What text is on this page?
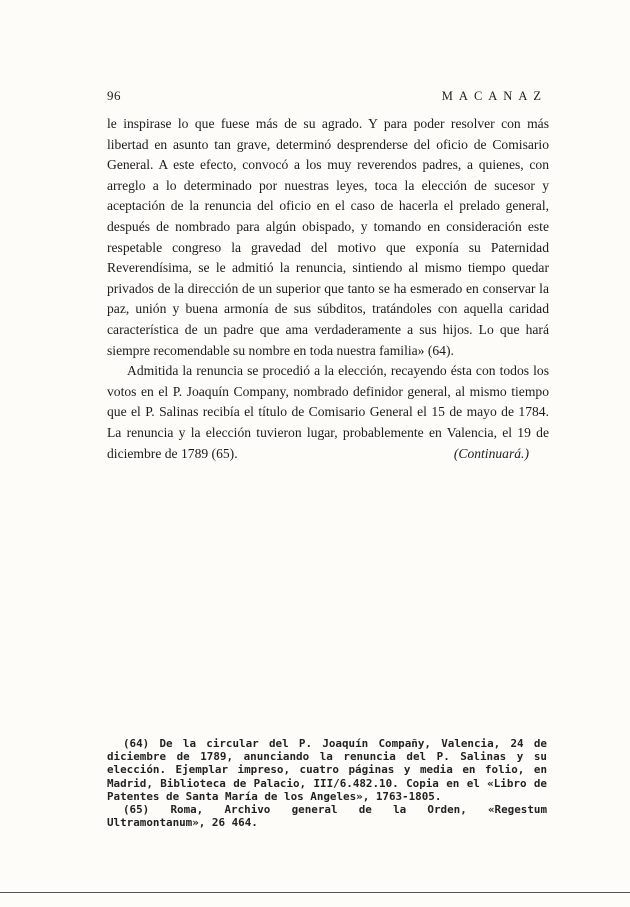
96	MACANAZ

le inspirase lo que fuese más de su agrado. Y para poder resolver con más libertad en asunto tan grave, determinó desprenderse del oficio de Comisario General. A este efecto, convocó a los muy reverendos padres, a quienes, con arreglo a lo determinado por nuestras leyes, toca la elección de sucesor y aceptación de la renuncia del oficio en el caso de hacerla el prelado general, después de nombrado para algún obispado, y tomando en consideración este respetable congreso la gravedad del motivo que exponía su Paternidad Reverendísima, se le admitió la renuncia, sintiendo al mismo tiempo quedar privados de la dirección de un superior que tanto se ha esmerado en conservar la paz, unión y buena armonía de sus súbditos, tratándoles con aquella caridad característica de un padre que ama verdaderamente a sus hijos. Lo que hará siempre recomendable su nombre en toda nuestra familia» (64).

Admitida la renuncia se procedió a la elección, recayendo ésta con todos los votos en el P. Joaquín Company, nombrado definidor general, al mismo tiempo que el P. Salinas recibía el título de Comisario General el 15 de mayo de 1784. La renuncia y la elección tuvieron lugar, probablemente en Valencia, el 19 de diciembre de 1789 (65).	(Continuará.)

(64) De la circular del P. Joaquín Compañy, Valencia, 24 de diciembre de 1789, anunciando la renuncia del P. Salinas y su elección. Ejemplar impreso, cuatro páginas y media en folio, en Madrid, Biblioteca de Palacio, III/6.482.10. Copia en el «Libro de Patentes de Santa María de los Angeles», 1763-1805.

(65) Roma, Archivo general de la Orden, «Regestum Ultramontanum», 26 464.
